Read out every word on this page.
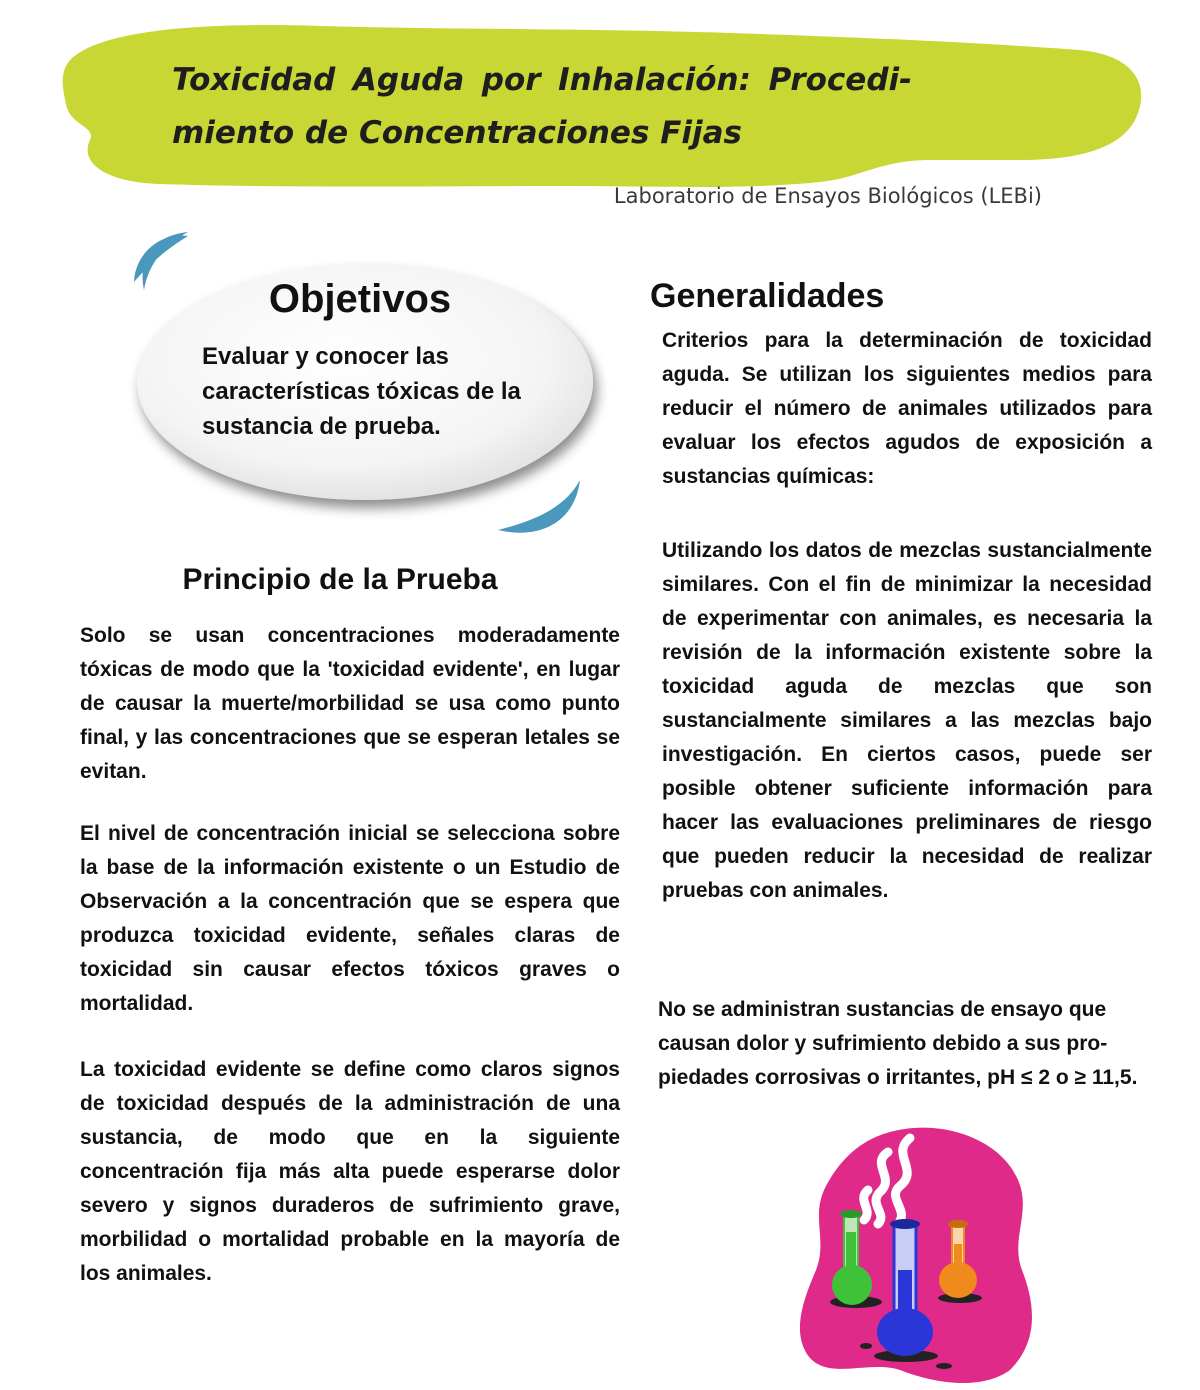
Toxicidad Aguda por Inhalación: Procedi-
miento de Concentraciones Fijas
Laboratorio de Ensayos Biológicos (LEBi)
Objetivos

Evaluar y conocer las características tóxicas de la sustancia de prueba.

Principio de la Prueba

Solo se usan concentraciones moderadamente tóxicas de modo que la 'toxicidad evidente', en lugar de causar la muerte/morbilidad se usa como punto final, y las concentraciones que se esperan letales se evitan.

El nivel de concentración inicial se selecciona sobre la base de la información existente o un Estudio de Observación a la concentración que se espera que produzca toxicidad evidente, señales claras de toxicidad sin causar efectos tóxicos graves o mortalidad.

La toxicidad evidente se define como claros signos de toxicidad después de la administración de una sustancia, de modo que en la siguiente concentración fija más alta puede esperarse dolor severo y signos duraderos de sufrimiento grave, morbilidad o mortalidad probable en la mayoría de los animales.

Generalidades

Criterios para la determinación de toxicidad aguda. Se utilizan los siguientes medios para reducir el número de animales utilizados para evaluar los efectos agudos de exposición a sustancias químicas:

Utilizando los datos de mezclas sustancialmente similares. Con el fin de minimizar la necesidad de experimentar con animales, es necesaria la revisión de la información existente sobre la toxicidad aguda de mezclas que son sustancialmente similares a las mezclas bajo investigación. En ciertos casos, puede ser posible obtener suficiente información para hacer las evaluaciones preliminares de riesgo que pueden reducir la necesidad de realizar pruebas con animales.

No se administran sustancias de ensayo que causan dolor y sufrimiento debido a sus pro-piedades corrosivas o irritantes, pH ≤ 2 o ≥ 11,5.
